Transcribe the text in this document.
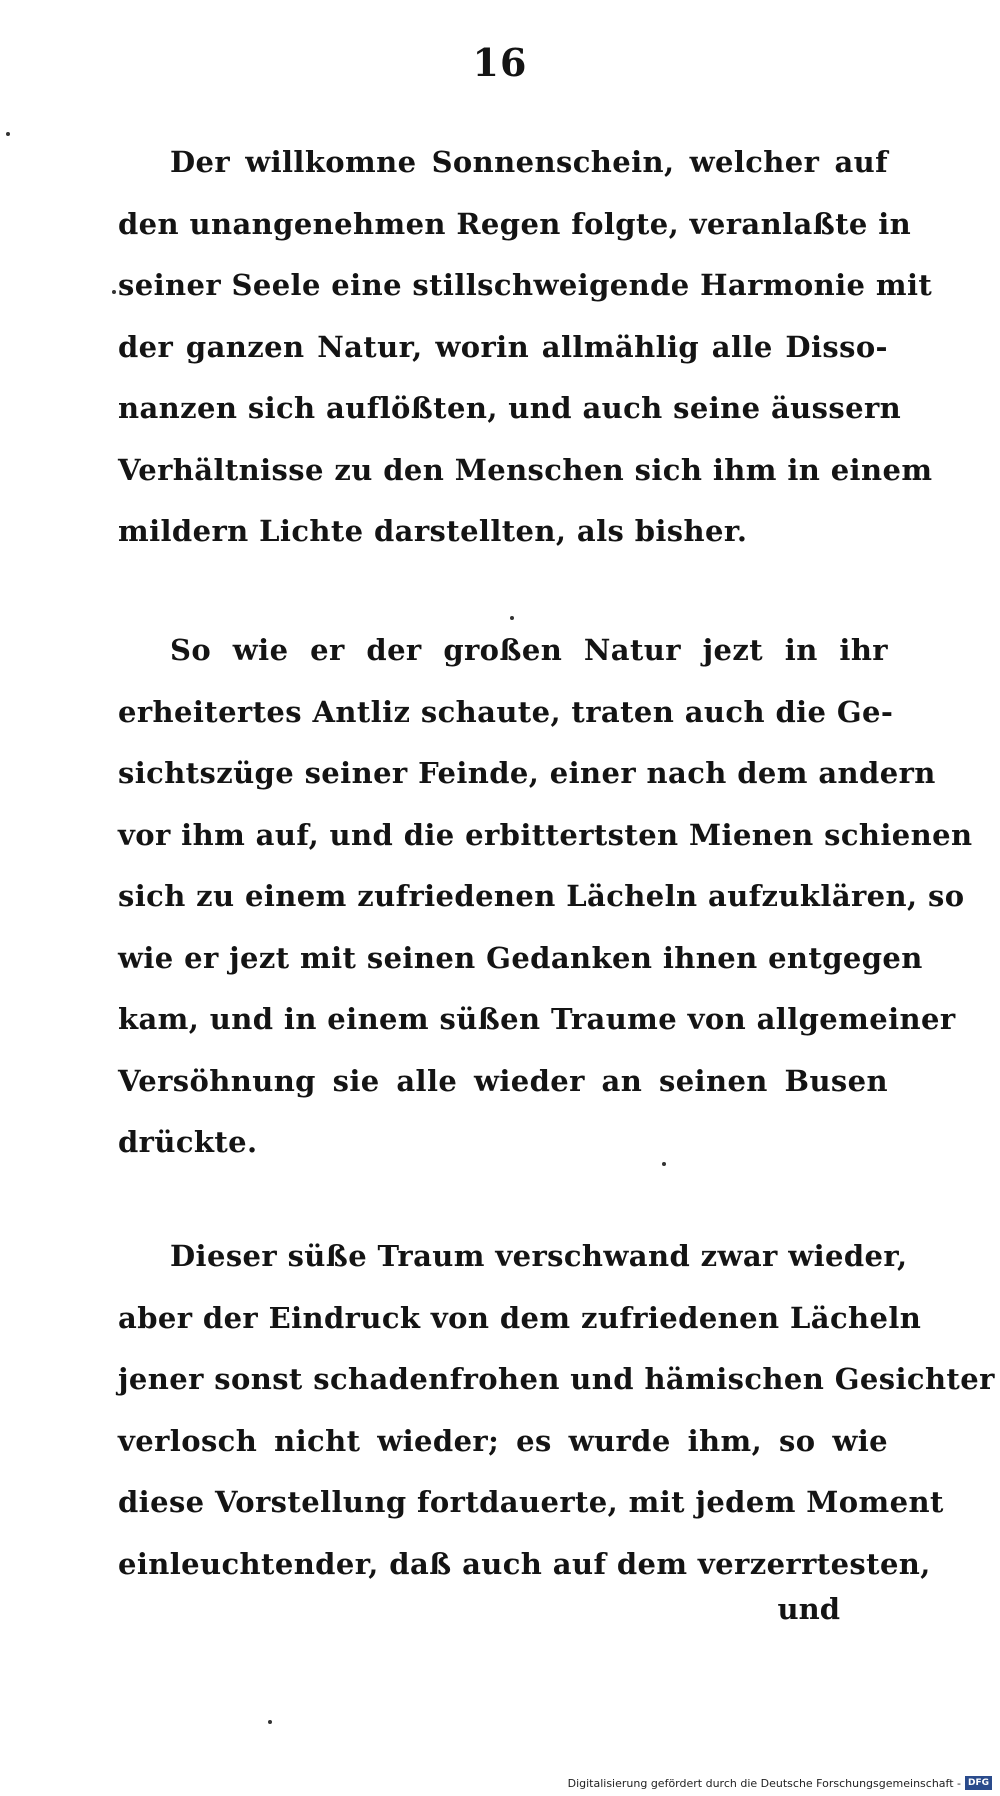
16
Der willkomne Sonnenschein, welcher auf
den unangenehmen Regen folgte, veranlaßte in
seiner Seele eine stillschweigende Harmonie mit
der ganzen Natur, worin allmählig alle Disso-
nanzen sich auflößten, und auch seine äussern
Verhältnisse zu den Menschen sich ihm in einem
mildern Lichte darstellten, als bisher.
So wie er der großen Natur jezt in ihr
erheitertes Antliz schaute, traten auch die Ge-
sichtszüge seiner Feinde, einer nach dem andern
vor ihm auf, und die erbittertsten Mienen schienen
sich zu einem zufriedenen Lächeln aufzuklären, so
wie er jezt mit seinen Gedanken ihnen entgegen
kam, und in einem süßen Traume von allgemeiner
Versöhnung sie alle wieder an seinen Busen
drückte.
Dieser süße Traum verschwand zwar wieder,
aber der Eindruck von dem zufriedenen Lächeln
jener sonst schadenfrohen und hämischen Gesichter
verlosch nicht wieder; es wurde ihm, so wie
diese Vorstellung fortdauerte, mit jedem Moment
einleuchtender, daß auch auf dem verzerrtesten,
und
Digitalisierung gefördert durch die Deutsche Forschungsgemeinschaft - DFG
